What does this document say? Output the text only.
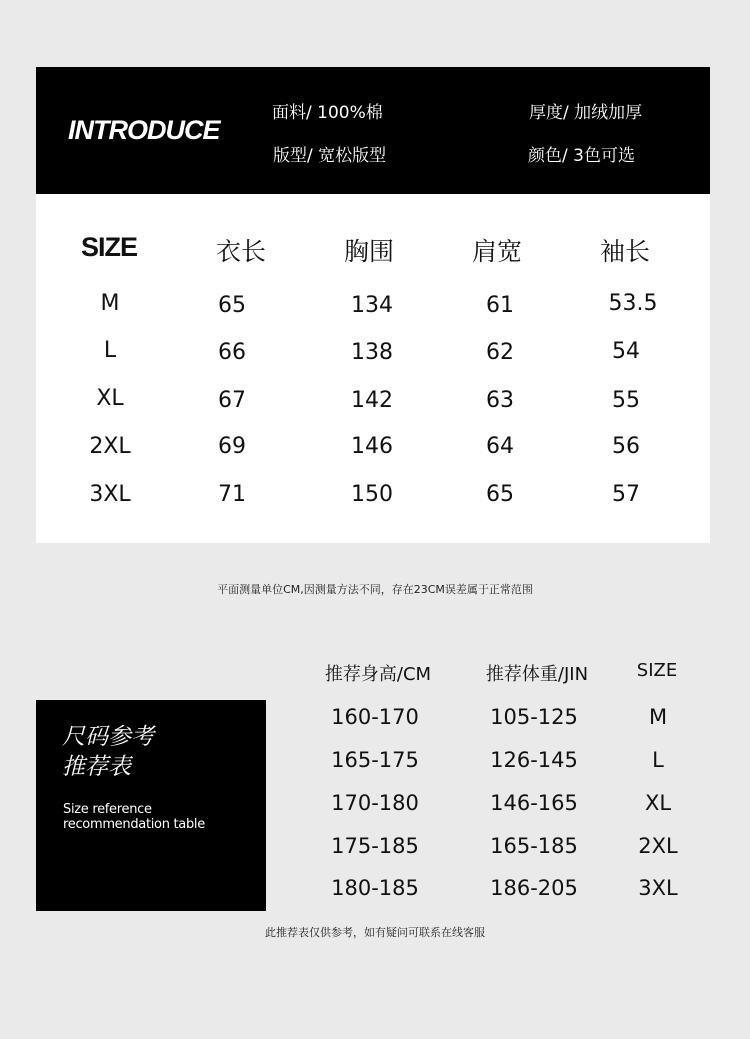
INTRODUCE
面料/ 100%棉	厚度/ 加绒加厚
版型/ 宽松版型	颜色/ 3色可选
SIZE	衣长	胸围	肩宽	袖长
M	65	134	61	53.5
L	66	138	62	54
XL	67	142	63	55
2XL	69	146	64	56
3XL	71	150	65	57
平面测量单位CM,因测量方法不同，存在23CM误差属于正常范围
尺码参考
推荐表
Size reference
recommendation table
推荐身高/CM	推荐体重/JIN	SIZE
160-170	105-125	M
165-175	126-145	L
170-180	146-165	XL
175-185	165-185	2XL
180-185	186-205	3XL
此推荐表仅供参考，如有疑问可联系在线客服
